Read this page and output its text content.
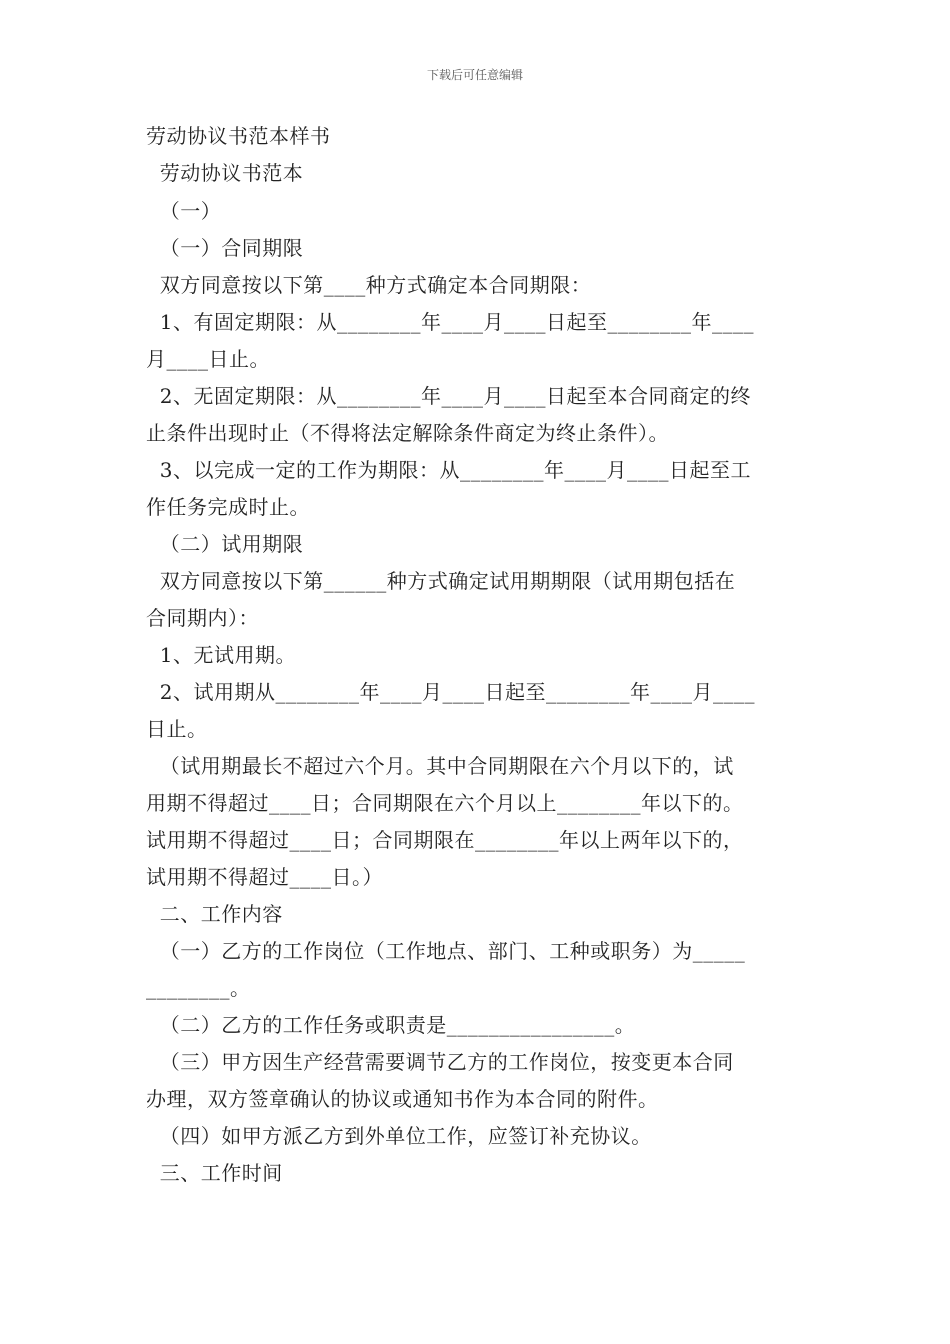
下载后可任意编辑
劳动协议书范本样书
劳动协议书范本
（一）
（一）合同期限
双方同意按以下第____种方式确定本合同期限：
1、有固定期限：从________年____月____日起至________年____
月____日止。
2、无固定期限：从________年____月____日起至本合同商定的终
止条件出现时止（不得将法定解除条件商定为终止条件）。
3、以完成一定的工作为期限：从________年____月____日起至工
作任务完成时止。
（二）试用期限
双方同意按以下第______种方式确定试用期期限（试用期包括在
合同期内）：
1、无试用期。
2、试用期从________年____月____日起至________年____月____
日止。
（试用期最长不超过六个月。其中合同期限在六个月以下的，试
用期不得超过____日；合同期限在六个月以上________年以下的。
试用期不得超过____日；合同期限在________年以上两年以下的，
试用期不得超过____日。）
二、工作内容
（一）乙方的工作岗位（工作地点、部门、工种或职务）为_____
________。
（二）乙方的工作任务或职责是________________。
（三）甲方因生产经营需要调节乙方的工作岗位，按变更本合同
办理，双方签章确认的协议或通知书作为本合同的附件。
（四）如甲方派乙方到外单位工作，应签订补充协议。
三、工作时间
